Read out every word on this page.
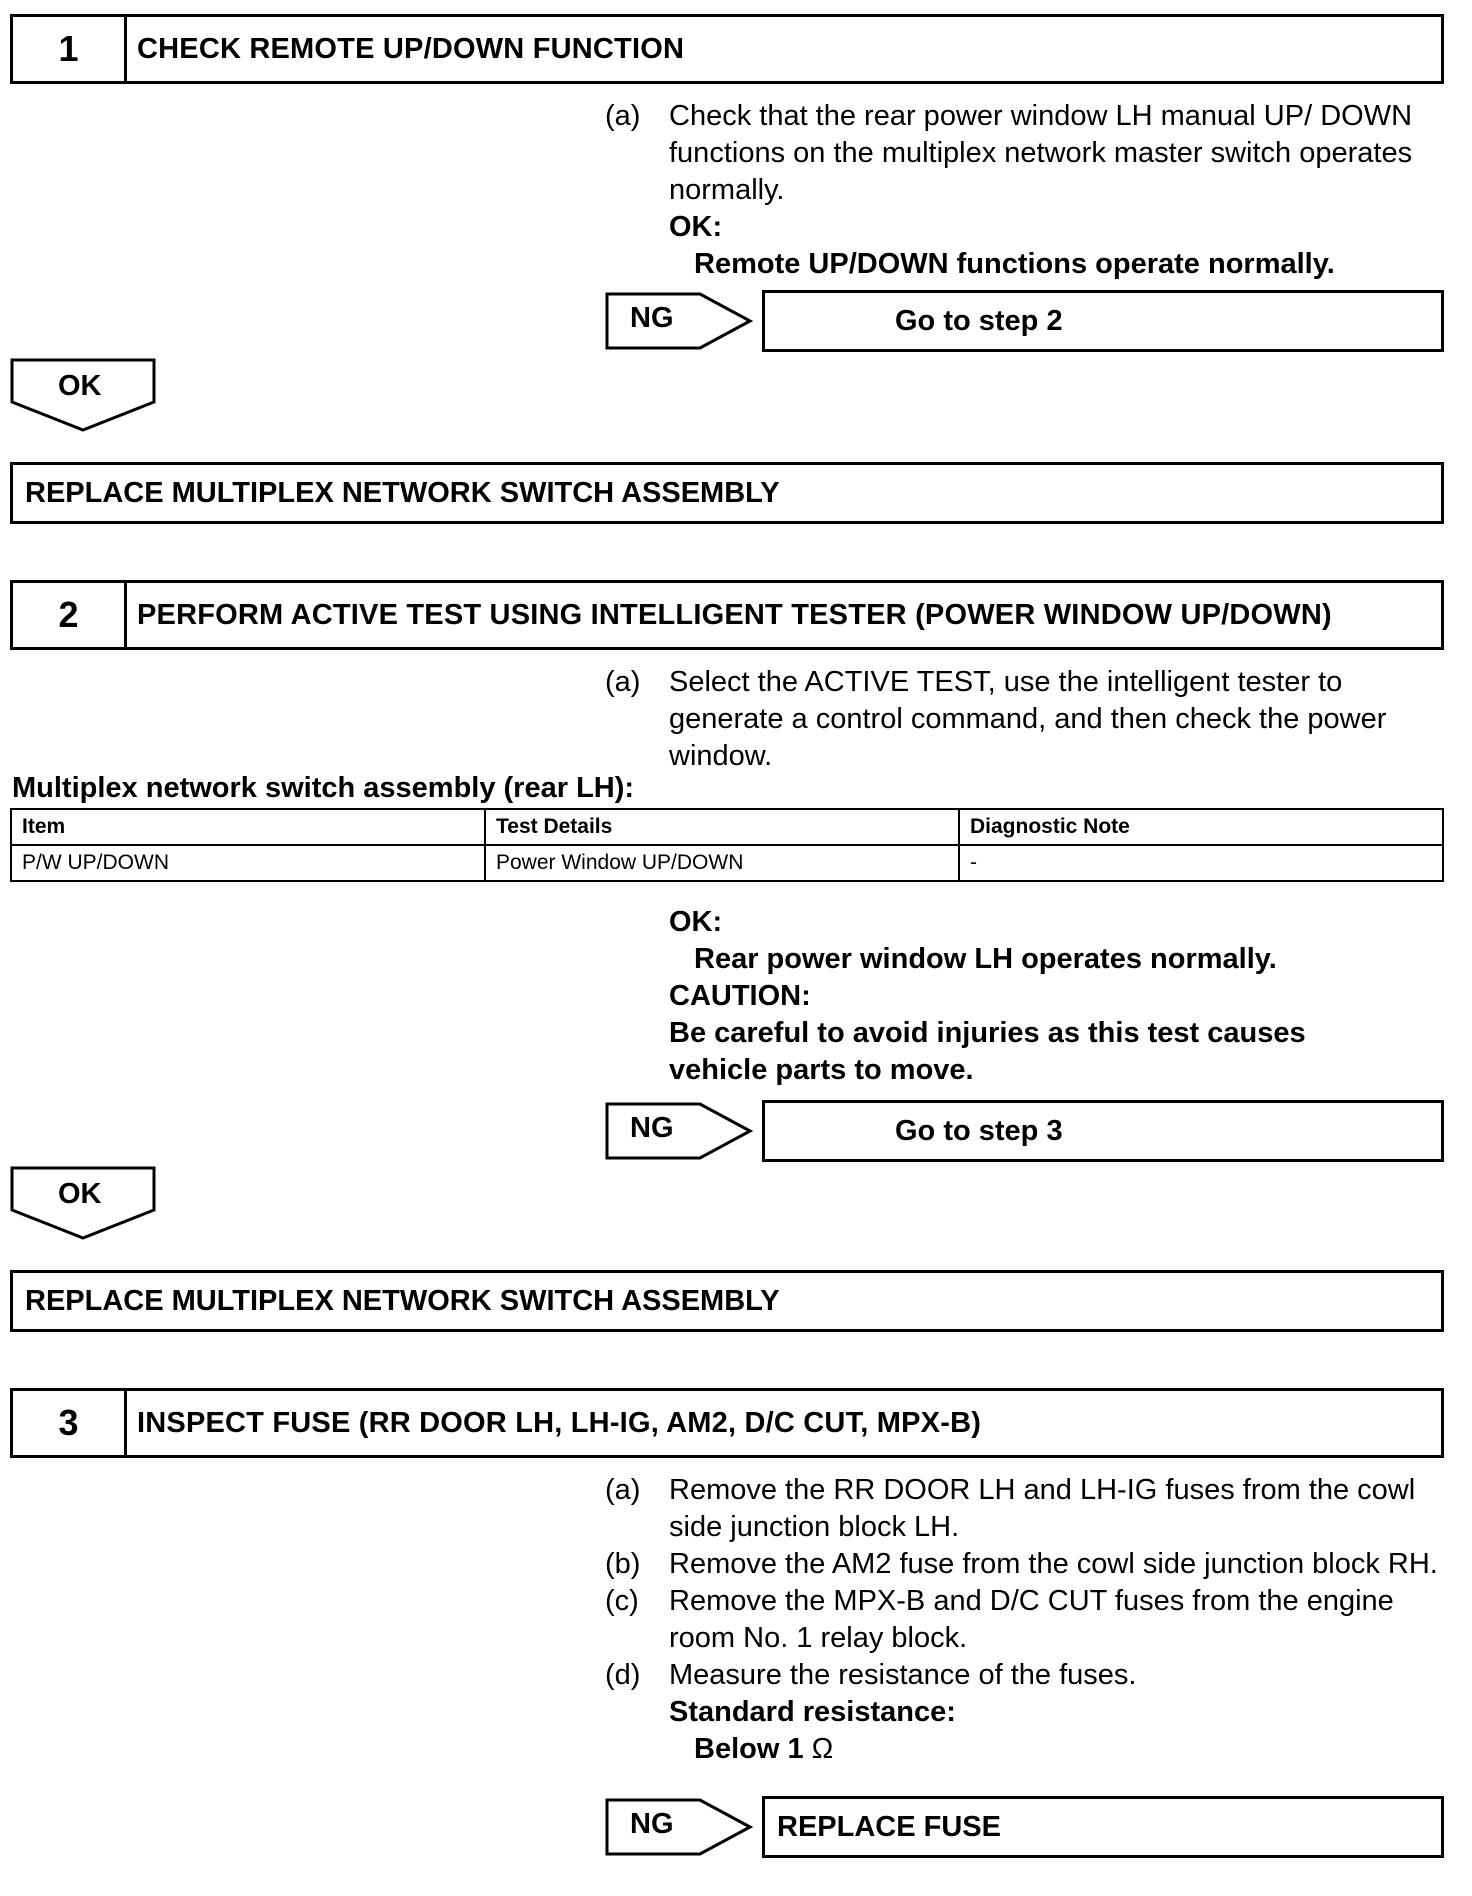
1	CHECK REMOTE UP/DOWN FUNCTION
(a) Check that the rear power window LH manual UP/ DOWN functions on the multiplex network master switch operates normally.
OK:
Remote UP/DOWN functions operate normally.
NG	Go to step 2
OK
REPLACE MULTIPLEX NETWORK SWITCH ASSEMBLY
2	PERFORM ACTIVE TEST USING INTELLIGENT TESTER (POWER WINDOW UP/DOWN)
(a) Select the ACTIVE TEST, use the intelligent tester to generate a control command, and then check the power window.
Multiplex network switch assembly (rear LH):
Item	Test Details	Diagnostic Note
P/W UP/DOWN	Power Window UP/DOWN	-
OK:
Rear power window LH operates normally.
CAUTION:
Be careful to avoid injuries as this test causes vehicle parts to move.
NG	Go to step 3
OK
REPLACE MULTIPLEX NETWORK SWITCH ASSEMBLY
3	INSPECT FUSE (RR DOOR LH, LH-IG, AM2, D/C CUT, MPX-B)
(a) Remove the RR DOOR LH and LH-IG fuses from the cowl side junction block LH.
(b) Remove the AM2 fuse from the cowl side junction block RH.
(c)	Remove the MPX-B and D/C CUT fuses from the engine room No. 1 relay block.
(d) Measure the resistance of the fuses.
Standard resistance:
Below 1 Ω
NG	REPLACE FUSE
